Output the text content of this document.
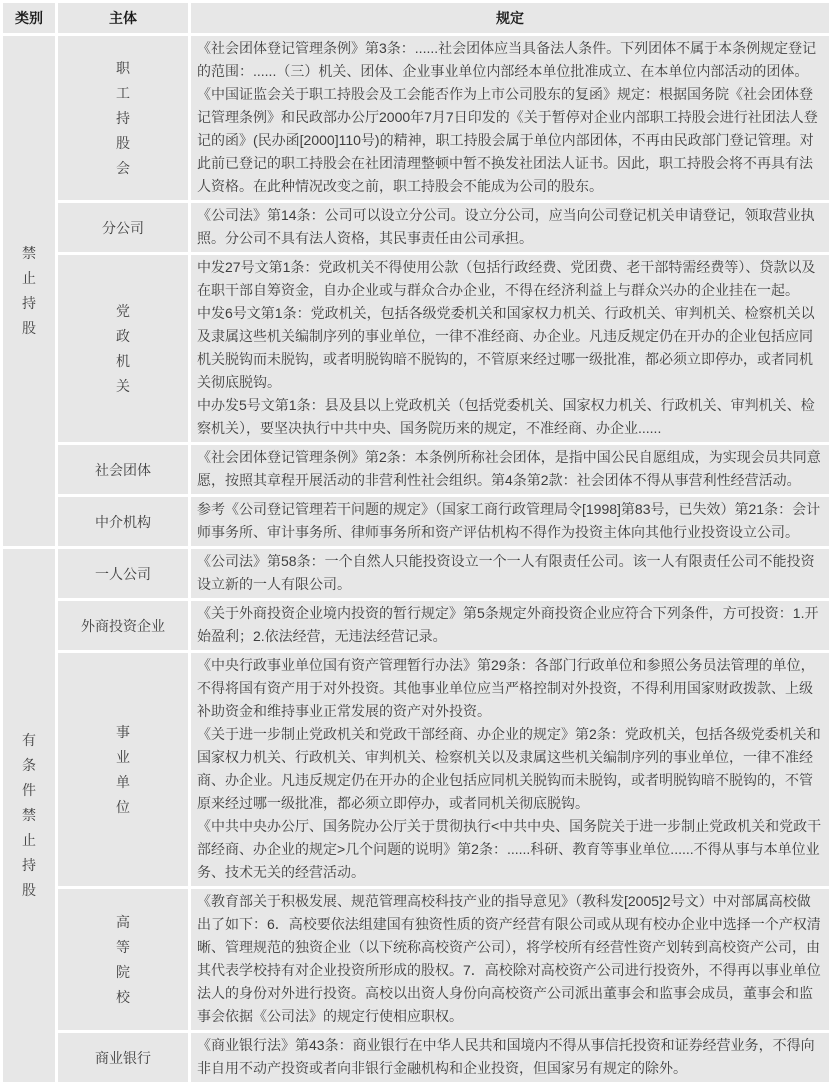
类别	主体	规定
禁止持股	职工持股会	《社会团体登记管理条例》第3条：......社会团体应当具备法人条件。下列团体不属于本条例规定登记的范围：......（三）机关、团体、企业事业单位内部经本单位批准成立、在本单位内部活动的团体。

《中国证监会关于职工持股会及工会能否作为上市公司股东的复函》规定：根据国务院《社会团体登记管理条例》和民政部办公厅2000年7月7日印发的《关于暂停对企业内部职工持股会进行社团法人登记的函》(民办函[2000]110号)的精神，职工持股会属于单位内部团体，不再由民政部门登记管理。对此前已登记的职工持股会在社团清理整顿中暂不换发社团法人证书。因此，职工持股会将不再具有法人资格。在此种情况改变之前，职工持股会不能成为公司的股东。

	分公司	《公司法》第14条：公司可以设立分公司。设立分公司，应当向公司登记机关申请登记，领取营业执照。分公司不具有法人资格，其民事责任由公司承担。

	党政机关	中发27号文第1条：党政机关不得使用公款（包括行政经费、党团费、老干部特需经费等）、贷款以及在职干部自筹资金，自办企业或与群众合办企业，不得在经济利益上与群众兴办的企业挂在一起。

中发6号文第1条：党政机关，包括各级党委机关和国家权力机关、行政机关、审判机关、检察机关以及隶属这些机关编制序列的事业单位，一律不准经商、办企业。凡违反规定仍在开办的企业包括应同机关脱钩而未脱钩，或者明脱钩暗不脱钩的，不管原来经过哪一级批准，都必须立即停办，或者同机关彻底脱钩。

中办发5号文第1条：县及县以上党政机关（包括党委机关、国家权力机关、行政机关、审判机关、检察机关），要坚决执行中共中央、国务院历来的规定，不准经商、办企业......

	社会团体	《社会团体登记管理条例》第2条：本条例所称社会团体，是指中国公民自愿组成，为实现会员共同意愿，按照其章程开展活动的非营利性社会组织。第4条第2款：社会团体不得从事营利性经营活动。

	中介机构	参考《公司登记管理若干问题的规定》（国家工商行政管理局令[1998]第83号，已失效）第21条：会计师事务所、审计事务所、律师事务所和资产评估机构不得作为投资主体向其他行业投资设立公司。

有条件禁止持股	一人公司	《公司法》第58条：一个自然人只能投资设立一个一人有限责任公司。该一人有限责任公司不能投资设立新的一人有限公司。

	外商投资企业	《关于外商投资企业境内投资的暂行规定》第5条规定外商投资企业应符合下列条件，方可投资：1.开始盈利；2.依法经营，无违法经营记录。

	事业单位	《中央行政事业单位国有资产管理暂行办法》第29条：各部门行政单位和参照公务员法管理的单位，不得将国有资产用于对外投资。其他事业单位应当严格控制对外投资，不得利用国家财政拨款、上级补助资金和维持事业正常发展的资产对外投资。

《关于进一步制止党政机关和党政干部经商、办企业的规定》第2条：党政机关，包括各级党委机关和国家权力机关、行政机关、审判机关、检察机关以及隶属这些机关编制序列的事业单位，一律不准经商、办企业。凡违反规定仍在开办的企业包括应同机关脱钩而未脱钩，或者明脱钩暗不脱钩的，不管原来经过哪一级批准，都必须立即停办，或者同机关彻底脱钩。

《中共中央办公厅、国务院办公厅关于贯彻执行<中共中央、国务院关于进一步制止党政机关和党政干部经商、办企业的规定>几个问题的说明》第2条：......科研、教育等事业单位......不得从事与本单位业务、技术无关的经营活动。

	高等院校	《教育部关于积极发展、规范管理高校科技产业的指导意见》（教科发[2005]2号文）中对部属高校做出了如下：6．高校要依法组建国有独资性质的资产经营有限公司或从现有校办企业中选择一个产权清晰、管理规范的独资企业（以下统称高校资产公司），将学校所有经营性资产划转到高校资产公司，由其代表学校持有对企业投资所形成的股权。7．高校除对高校资产公司进行投资外，不得再以事业单位法人的身份对外进行投资。高校以出资人身份向高校资产公司派出董事会和监事会成员，董事会和监事会依据《公司法》的规定行使相应职权。

	商业银行	《商业银行法》第43条：商业银行在中华人民共和国境内不得从事信托投资和证券经营业务，不得向非自用不动产投资或者向非银行金融机构和企业投资，但国家另有规定的除外。
